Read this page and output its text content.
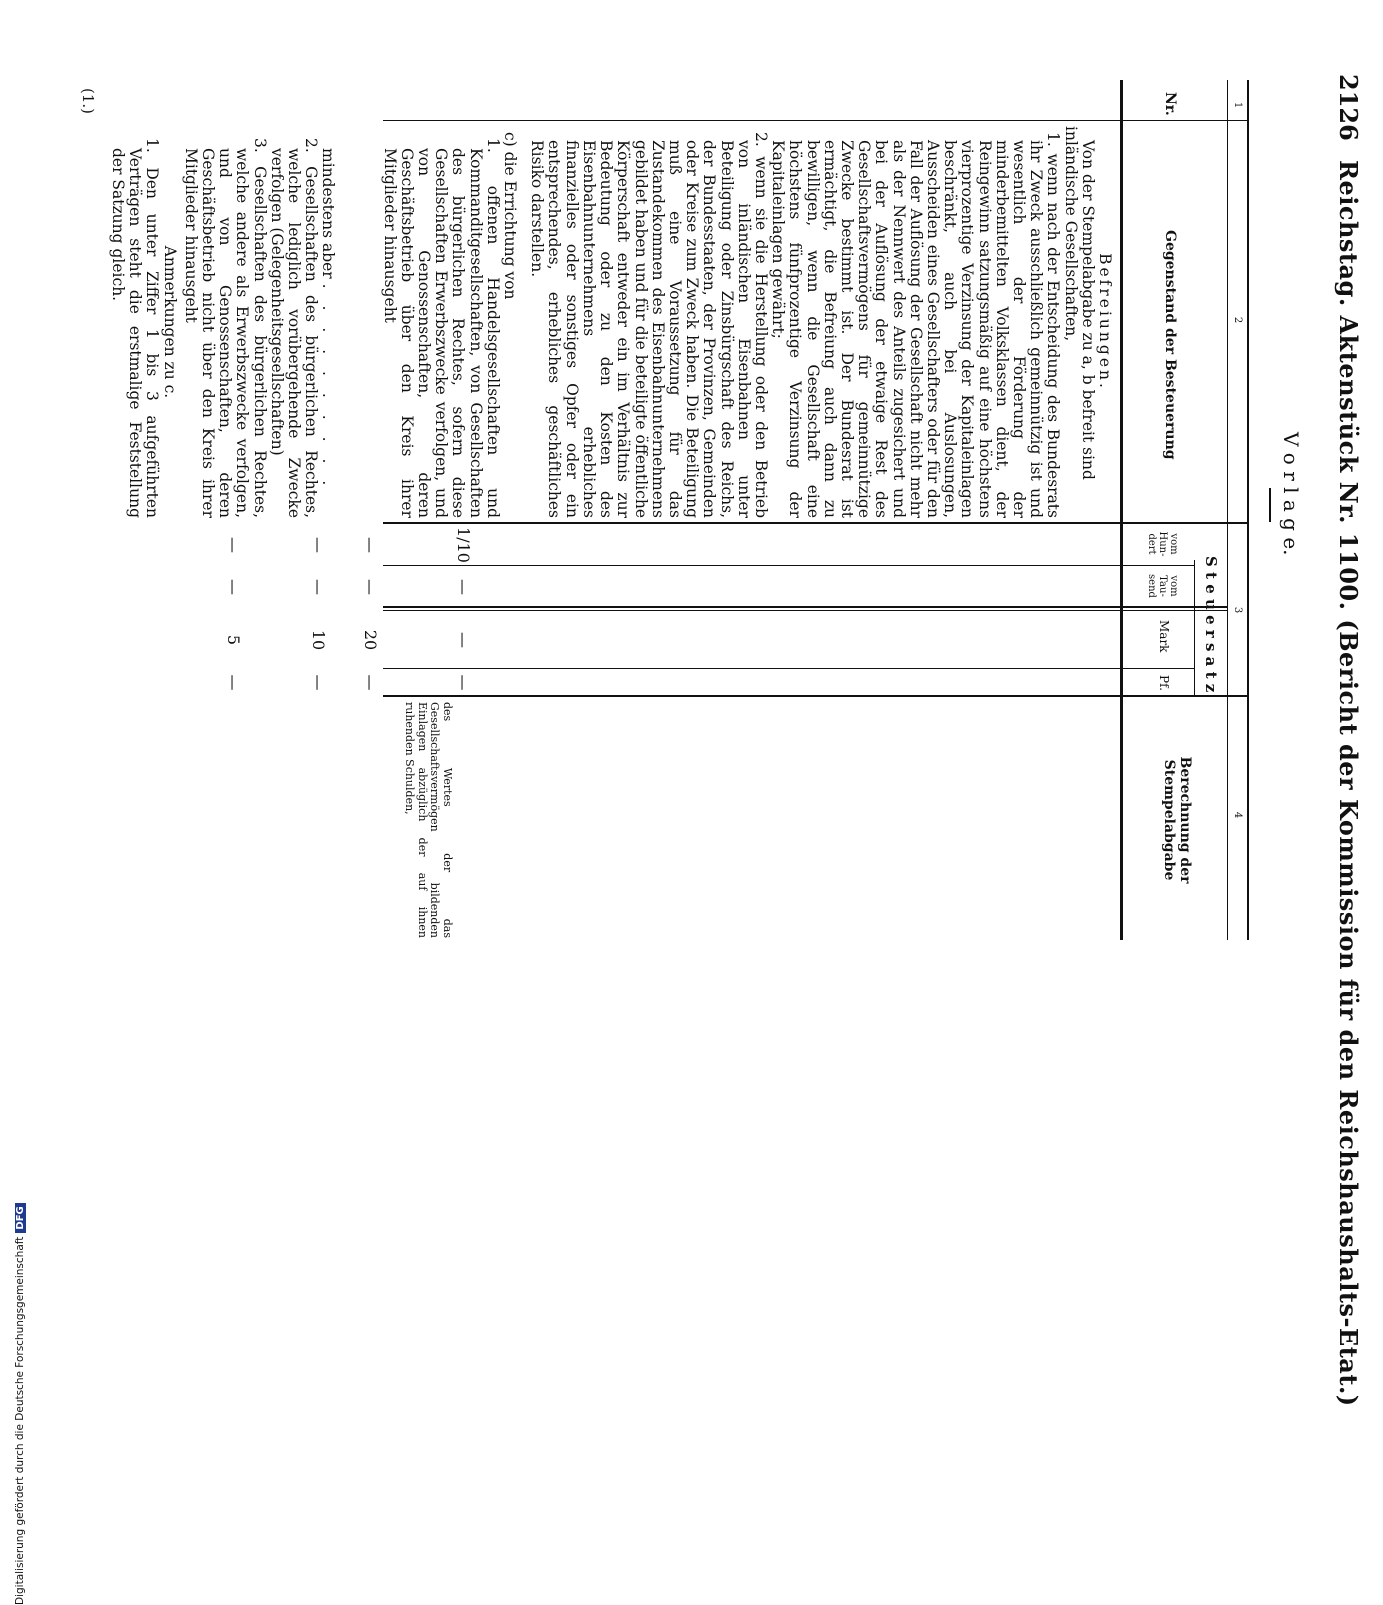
2126
Reichstag. Aktenstück Nr. 1100. (Bericht der Kommission für den Reichshaushalts-Etat.)
V o r l a g e.
1
2
3
4
Nr.
Gegenstand der Besteuerung
S t e u e r s a t z
vom Hun-dert
vom Tau-send
Mark
Pf.
Berechnung der Stempelabgabe
(1.)

Befreiungen.

Von der Stempelabgabe zu a, b befreit sind inländische Gesellschaften,

1. wenn nach der Entscheidung des Bundesrats ihr Zweck ausschließlich gemeinnützig ist und wesentlich der Förderung der minderbemittelten Volksklassen dient, der Reingewinn satzungsmäßig auf eine höchstens vierprozentige Verzinsung der Kapitaleinlagen beschränkt, auch bei Auslosungen, Ausscheiden eines Gesellschafters oder für den Fall der Auflösung der Gesellschaft nicht mehr als der Nennwert des Anteils zugesichert und bei der Auflösung der etwaige Rest des Gesellschaftsvermögens für gemeinnützige Zwecke bestimmt ist. Der Bundesrat ist ermächtigt, die Befreiung auch dann zu bewilligen, wenn die Gesellschaft eine höchstens fünfprozentige Verzinsung der Kapitaleinlagen gewährt;

2. wenn sie die Herstellung oder den Betrieb von inländischen Eisenbahnen unter Beteiligung oder Zinsbürgschaft des Reichs, der Bundesstaaten, der Provinzen, Gemeinden oder Kreise zum Zweck haben. Die Beteiligung muß eine Voraussetzung für das Zustandekommen des Eisenbahnunternehmens gebildet haben und für die beteiligte öffentliche Körperschaft entweder ein im Verhältnis zur Bedeutung oder zu den Kosten des Eisenbahnunternehmens erhebliches finanzielles oder sonstiges Opfer oder ein entsprechendes, erhebliches geschäftliches Risiko darstellen.

c) die Errichtung von

1. offenen Handelsgesellschaften und Kommanditgesellschaften, von Gesellschaften des bürgerlichen Rechtes, sofern diese Gesellschaften Erwerbszwecke verfolgen, und von Genossenschaften, deren Geschäftsbetrieb über den Kreis ihrer Mitglieder hinausgeht

mindestens aber . . . . . . . . . .

2. Gesellschaften des bürgerlichen Rechtes, welche lediglich vorübergehende Zwecke verfolgen (Gelegenheitsgesellschaften)

3. Gesellschaften des bürgerlichen Rechtes, welche andere als Erwerbszwecke verfolgen, und von Genossenschaften, deren Geschäftsbetrieb nicht über den Kreis ihrer Mitglieder hinausgeht

Anmerkungen zu c.

1. Den unter Ziffer 1 bis 3 aufgeführten Verträgen steht die erstmalige Feststellung der Satzung gleich.

1/10
—
—
—
—
—
20
—
—
—
10
—
—
—
5
—
des Wertes der das Gesellschaftsvermögen bildenden Einlagen abzüglich der auf ihnen ruhenden Schulden,
Digitalisierung gefördert durch die Deutsche ForschungsgemeinschaftDFG
